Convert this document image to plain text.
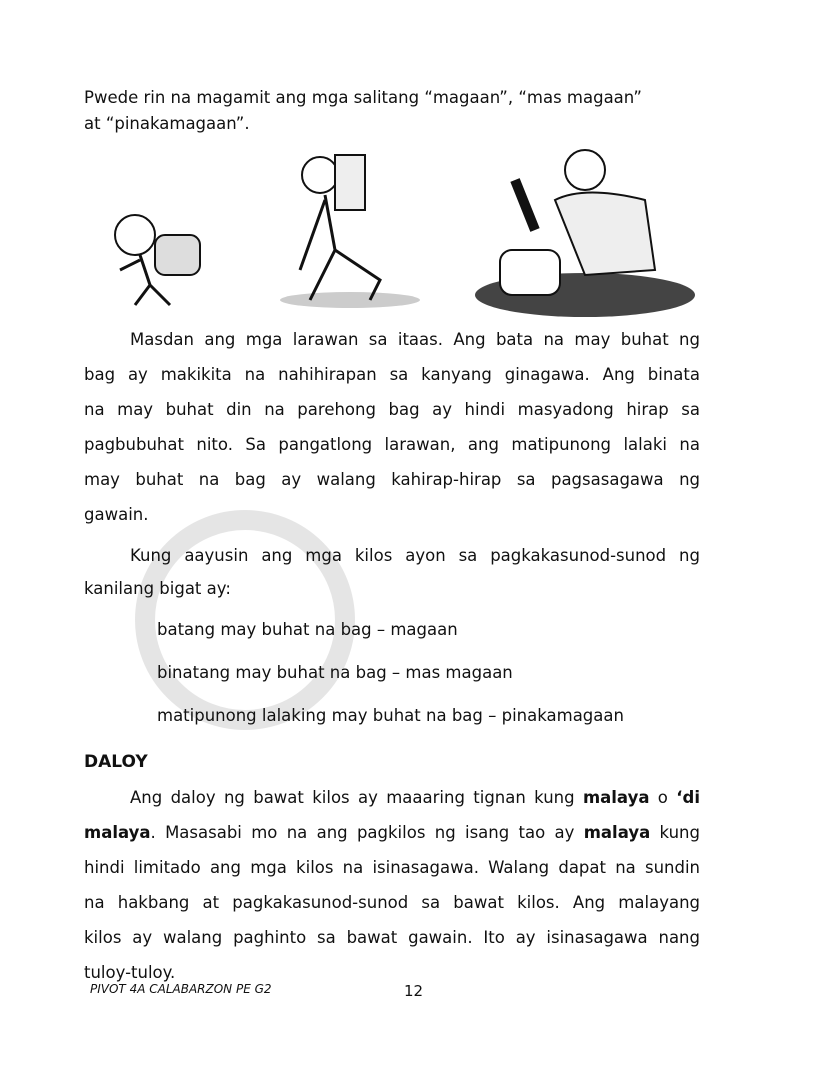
Pwede rin na magamit ang mga salitang “magaan”, “mas magaan”
at “pinakamagaan”.
Masdan ang mga larawan sa itaas. Ang bata na may buhat ng
bag ay makikita na nahihirapan sa kanyang ginagawa. Ang binata
na may buhat din na parehong bag ay hindi masyadong hirap sa
pagbubuhat nito. Sa pangatlong larawan, ang matipunong lalaki na
may buhat na bag ay walang kahirap-hirap sa pagsasagawa ng
gawain.
Kung aayusin ang mga kilos ayon sa pagkakasunod-sunod ng
kanilang bigat ay:
batang may buhat na bag – magaan
binatang may buhat na bag – mas magaan
matipunong lalaking may buhat na bag – pinakamagaan
DALOY
Ang daloy ng bawat kilos ay maaaring tignan kung malaya o ‘di
malaya. Masasabi mo na ang pagkilos ng isang tao ay malaya kung
hindi limitado ang mga kilos na isinasagawa. Walang dapat na sundin
na hakbang at pagkakasunod-sunod sa bawat kilos. Ang malayang
kilos ay walang paghinto sa bawat gawain. Ito ay isinasagawa nang
tuloy-tuloy.
PIVOT 4A CALABARZON PE G2	12
